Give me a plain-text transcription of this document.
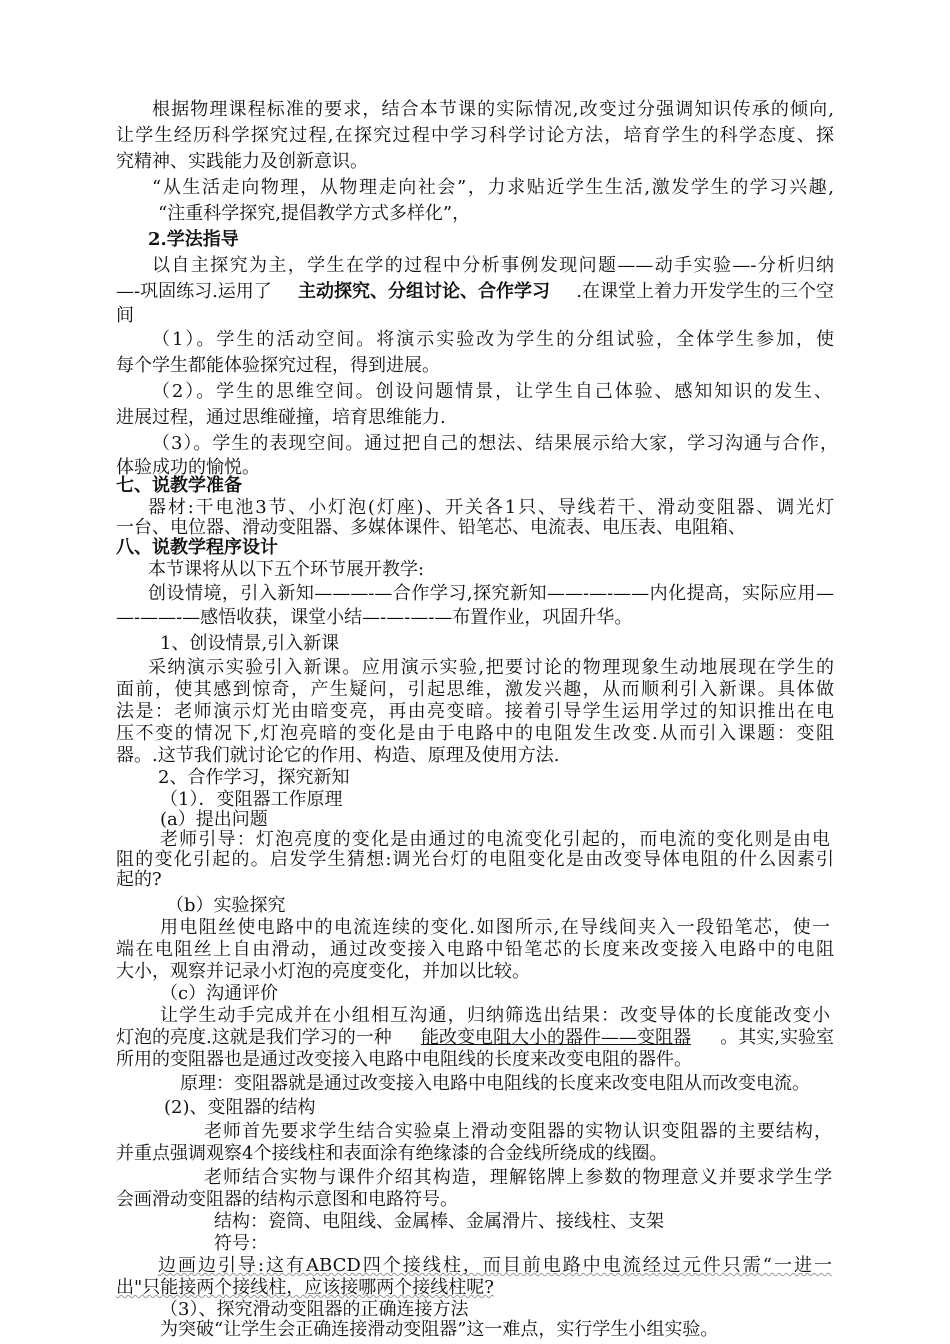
根据物理课程标准的要求，结合本节课的实际情况,改变过分强调知识传承的倾向,
让学生经历科学探究过程,在探究过程中学习科学讨论方法，培育学生的科学态度、探
究精神、实践能力及创新意识。
“从生活走向物理，从物理走向社会”，力求贴近学生生活,激发学生的学习兴趣,
“注重科学探究,提倡教学方式多样化”，
2.学法指导
以自主探究为主，学生在学的过程中分析事例发现问题——动手实验—-分析归纳
—-巩固练习.运用了 主动探究、分组讨论、合作学习 .在课堂上着力开发学生的三个空
间
（1）。学生的活动空间。将演示实验改为学生的分组试验，全体学生参加，使
每个学生都能体验探究过程，得到进展。
（2）。学生的思维空间。创设问题情景，让学生自己体验、感知知识的发生、
进展过程，通过思维碰撞，培育思维能力.
（3）。学生的表现空间。通过把自己的想法、结果展示给大家，学习沟通与合作，
体验成功的愉悦。
七、说教学准备
器材:干电池3节、小灯泡(灯座)、开关各1只、导线若干、滑动变阻器、调光灯
一台、电位器、滑动变阻器、多媒体课件、铅笔芯、电流表、电压表、电阻箱、
八、说教学程序设计
本节课将从以下五个环节展开教学:
创设情境，引入新知———-—合作学习,探究新知——-—-——内化提高，实际应用—
—-——-—感悟收获，课堂小结—-—-—-—布置作业，巩固升华。
1、创设情景,引入新课
采纳演示实验引入新课。应用演示实验,把要讨论的物理现象生动地展现在学生的
面前，使其感到惊奇，产生疑问，引起思维，激发兴趣，从而顺利引入新课。具体做
法是：老师演示灯光由暗变亮，再由亮变暗。接着引导学生运用学过的知识推出在电
压不变的情况下,灯泡亮暗的变化是由于电路中的电阻发生改变.从而引入课题：变阻
器。.这节我们就讨论它的作用、构造、原理及使用方法.
2、合作学习，探究新知
（1）．变阻器工作原理
(a）提出问题
老师引导：灯泡亮度的变化是由通过的电流变化引起的，而电流的变化则是由电
阻的变化引起的。启发学生猜想:调光台灯的电阻变化是由改变导体电阻的什么因素引
起的?
（b）实验探究
用电阻丝使电路中的电流连续的变化.如图所示,在导线间夹入一段铅笔芯，使一
端在电阻丝上自由滑动，通过改变接入电路中铅笔芯的长度来改变接入电路中的电阻
大小，观察并记录小灯泡的亮度变化，并加以比较。
（c）沟通评价
让学生动手完成并在小组相互沟通，归纳筛选出结果：改变导体的长度能改变小
灯泡的亮度.这就是我们学习的一种 能改变电阻大小的器件——变阻器 。其实,实验室
所用的变阻器也是通过改变接入电路中电阻线的长度来改变电阻的器件。
原理：变阻器就是通过改变接入电路中电阻线的长度来改变电阻从而改变电流。
(2)、变阻器的结构
老师首先要求学生结合实验桌上滑动变阻器的实物认识变阻器的主要结构，
并重点强调观察4个接线柱和表面涂有绝缘漆的合金线所绕成的线圈。
老师结合实物与课件介绍其构造，理解铭牌上参数的物理意义并要求学生学
会画滑动变阻器的结构示意图和电路符号。
结构：瓷筒、电阻线、金属棒、金属滑片、接线柱、支架
符号：
边画边引导:这有ABCD四个接线柱，而目前电路中电流经过元件只需“一进一
出"只能接两个接线柱，应该接哪两个接线柱呢?
（3）、探究滑动变阻器的正确连接方法
为突破“让学生会正确连接滑动变阻器”这一难点，实行学生小组实验。
